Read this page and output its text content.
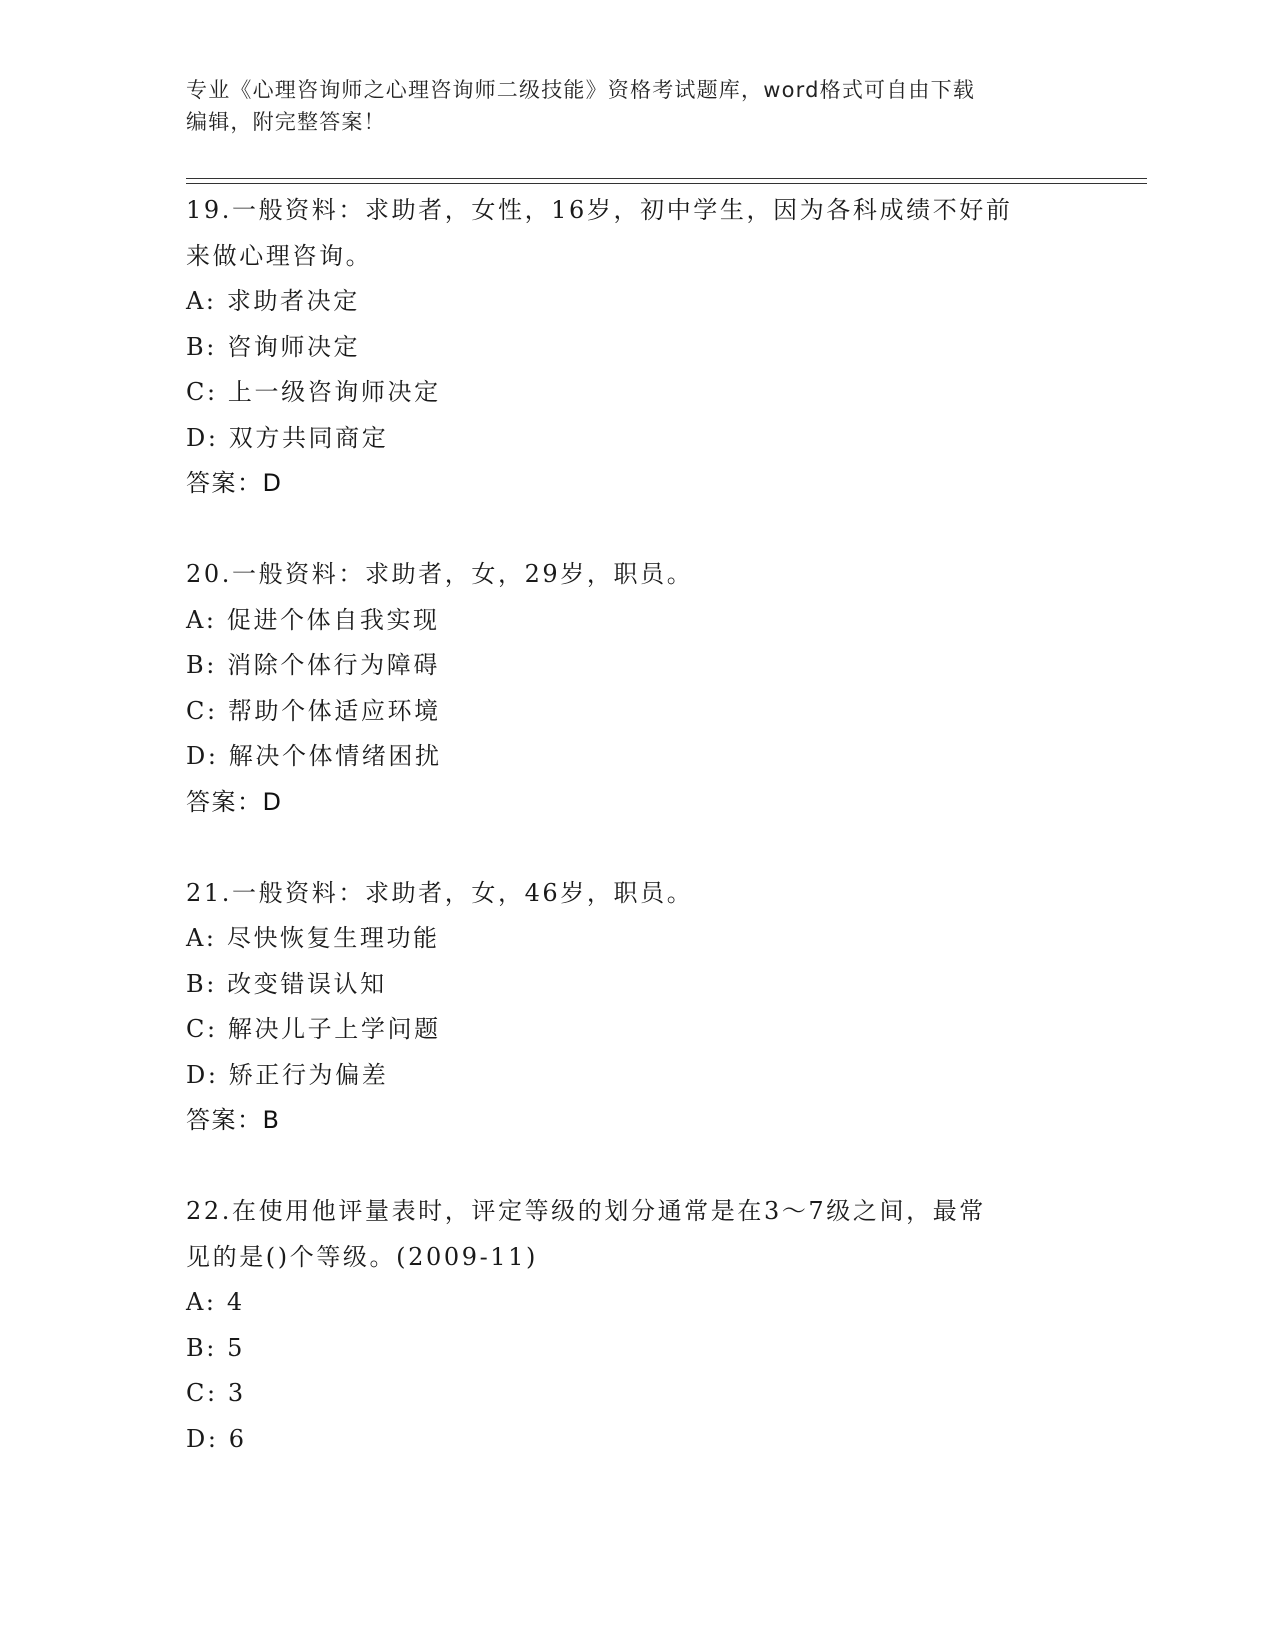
专业《心理咨询师之心理咨询师二级技能》资格考试题库，word格式可自由下载
编辑，附完整答案！
19.一般资料：求助者，女性，16岁，初中学生，因为各科成绩不好前
来做心理咨询。
A: 求助者决定
B: 咨询师决定
C: 上一级咨询师决定
D: 双方共同商定
答案：D
20.一般资料：求助者，女，29岁，职员。
A: 促进个体自我实现
B: 消除个体行为障碍
C: 帮助个体适应环境
D: 解决个体情绪困扰
答案：D
21.一般资料：求助者，女，46岁，职员。
A: 尽快恢复生理功能
B: 改变错误认知
C: 解决儿子上学问题
D: 矫正行为偏差
答案：B
22.在使用他评量表时，评定等级的划分通常是在3～7级之间，最常
见的是()个等级。(2009-11)
A: 4
B: 5
C: 3
D: 6
